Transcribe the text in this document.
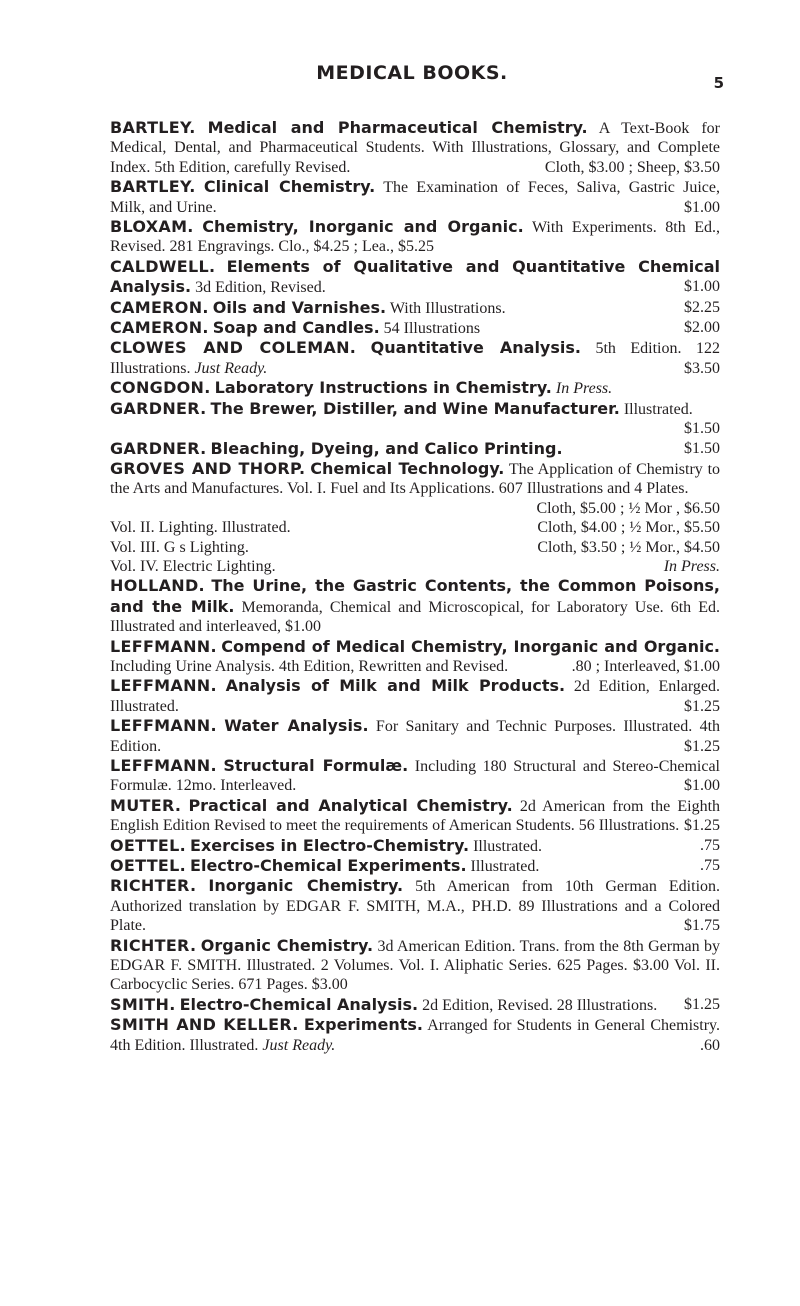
MEDICAL BOOKS.	5
BARTLEY. Medical and Pharmaceutical Chemistry. A Text-Book for Medical, Dental, and Pharmaceutical Students. With Illustrations, Glossary, and Complete Index. 5th Edition, carefully Revised.	Cloth, $3.00 ; Sheep, $3.50
BARTLEY. Clinical Chemistry. The Examination of Feces, Saliva, Gastric Juice, Milk, and Urine.	$1.00
BLOXAM. Chemistry, Inorganic and Organic. With Experiments. 8th Ed., Revised. 281 Engravings. Clo., $4.25 ; Lea., $5.25
CALDWELL. Elements of Qualitative and Quantitative Chemical Analysis. 3d Edition, Revised.	$1.00
CAMERON. Oils and Varnishes. With Illustrations.	$2.25
CAMERON. Soap and Candles. 54 Illustrations	$2.00
CLOWES AND COLEMAN. Quantitative Analysis. 5th Edition. 122 Illustrations. Just Ready.	$3.50
CONGDON. Laboratory Instructions in Chemistry. In Press.
GARDNER. The Brewer, Distiller, and Wine Manufacturer. Illustrated.
$1.50
GARDNER. Bleaching, Dyeing, and Calico Printing.	$1.50
GROVES AND THORP. Chemical Technology. The Application of Chemistry to the Arts and Manufactures. Vol. I. Fuel and Its Applications. 607 Illustrations and 4 Plates.
Cloth, $5.00 ; ½ Mor , $6.50
Vol. II. Lighting. Illustrated.	Cloth, $4.00 ; ½ Mor., $5.50
Vol. III. G s Lighting.	Cloth, $3.50 ; ½ Mor., $4.50
Vol. IV. Electric Lighting.	In Press.
HOLLAND. The Urine, the Gastric Contents, the Common Poisons, and the Milk. Memoranda, Chemical and Microscopical, for Laboratory Use. 6th Ed. Illustrated and interleaved, $1.00
LEFFMANN. Compend of Medical Chemistry, Inorganic and Organic. Including Urine Analysis. 4th Edition, Rewritten and Revised.	.80 ; Interleaved, $1.00
LEFFMANN. Analysis of Milk and Milk Products. 2d Edition, Enlarged. Illustrated.	$1.25
LEFFMANN. Water Analysis. For Sanitary and Technic Purposes. Illustrated. 4th Edition.	$1.25
LEFFMANN. Structural Formulæ. Including 180 Structural and Stereo-Chemical Formulæ. 12mo. Interleaved.	$1.00
MUTER. Practical and Analytical Chemistry. 2d American from the Eighth English Edition Revised to meet the requirements of American Students. 56 Illustrations. $1.25
OETTEL. Exercises in Electro-Chemistry. Illustrated.	.75
OETTEL. Electro-Chemical Experiments. Illustrated.	.75
RICHTER. Inorganic Chemistry. 5th American from 10th German Edition. Authorized translation by EDGAR F. SMITH, M.A., PH.D. 89 Illustrations and a Colored Plate.	$1.75
RICHTER. Organic Chemistry. 3d American Edition. Trans. from the 8th German by EDGAR F. SMITH. Illustrated. 2 Volumes. Vol. I. Aliphatic Series. 625 Pages. $3.00 Vol. II. Carbocyclic Series. 671 Pages. $3.00
SMITH. Electro-Chemical Analysis. 2d Edition, Revised. 28 Illustrations. $1.25
SMITH AND KELLER. Experiments. Arranged for Students in General Chemistry. 4th Edition. Illustrated. Just Ready.	.60
